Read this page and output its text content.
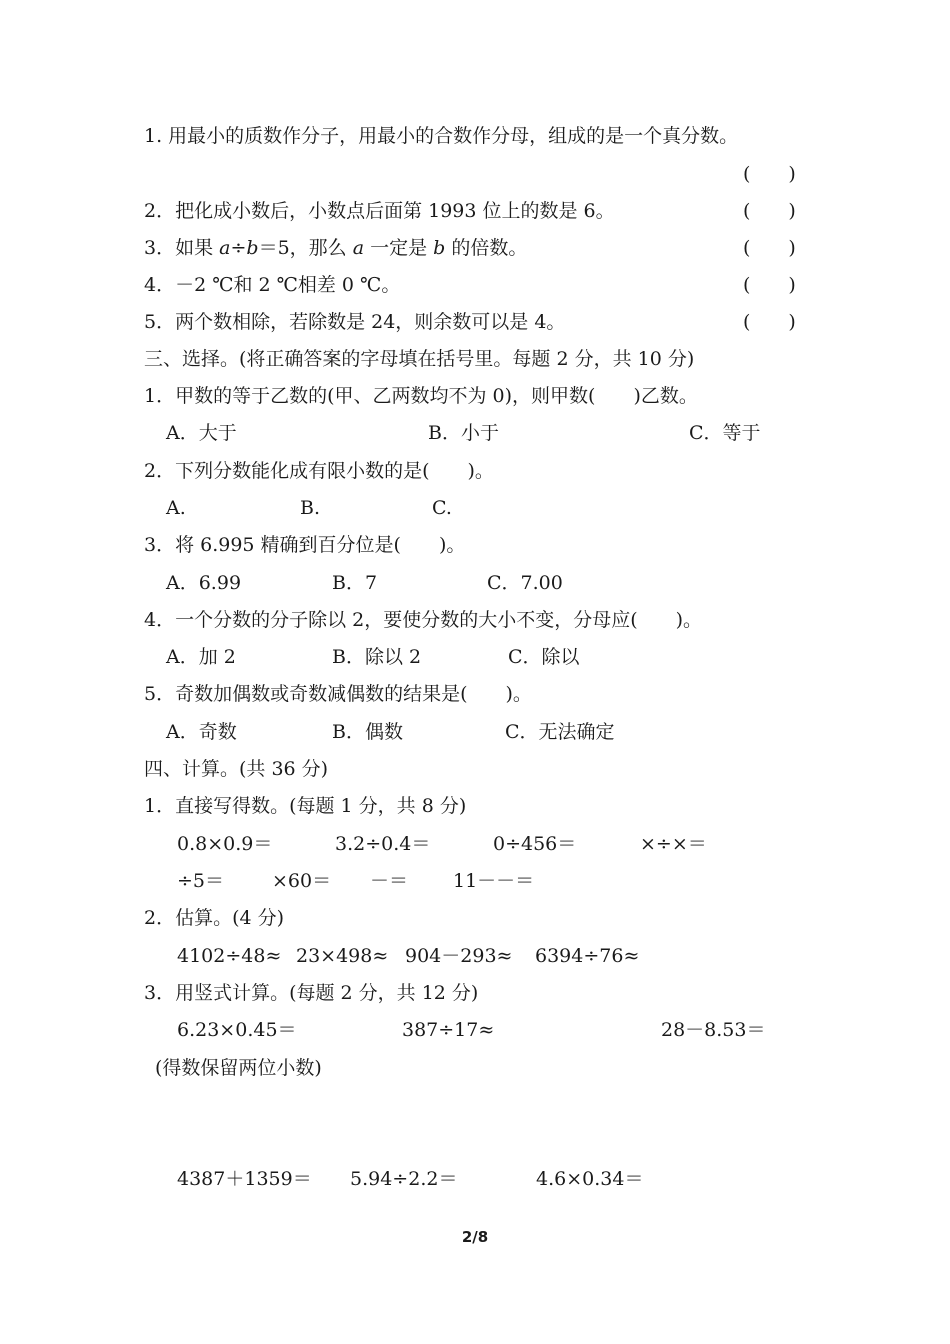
1. 用最小的质数作分子，用最小的合数作分母，组成的是一个真分数。
(　　)
2．把化成小数后，小数点后面第 1993 位上的数是 6。	(　　)
3．如果 a÷b＝5，那么 a 一定是 b 的倍数。	(　　)
4．－2 ℃和 2 ℃相差 0 ℃。	(　　)
5．两个数相除，若除数是 24，则余数可以是 4。	(　　)
三、选择。(将正确答案的字母填在括号里。每题 2 分，共 10 分)
1．甲数的等于乙数的(甲、乙两数均不为 0)，则甲数(　　)乙数。
A．大于	B．小于	C．等于
2．下列分数能化成有限小数的是(　　)。
A.	B.	C.
3．将 6.995 精确到百分位是(　　)。
A．6.99	B．7	C．7.00
4．一个分数的分子除以 2，要使分数的大小不变，分母应(　　)。
A．加 2	B．除以 2	C．除以
5．奇数加偶数或奇数减偶数的结果是(　　)。
A．奇数	B．偶数	C．无法确定
四、计算。(共 36 分)
1．直接写得数。(每题 1 分，共 8 分)
0.8×0.9＝	3.2÷0.4＝	0÷456＝	×÷×＝
÷5＝	×60＝ －＝ 11－－＝
2．估算。(4 分)
4102÷48≈ 23×498≈ 904－293≈ 6394÷76≈
3．用竖式计算。(每题 2 分，共 12 分)
6.23×0.45＝	387÷17≈	28－8.53＝
(得数保留两位小数)
4387＋1359＝ 5.94÷2.2＝	4.6×0.34＝
2/8
